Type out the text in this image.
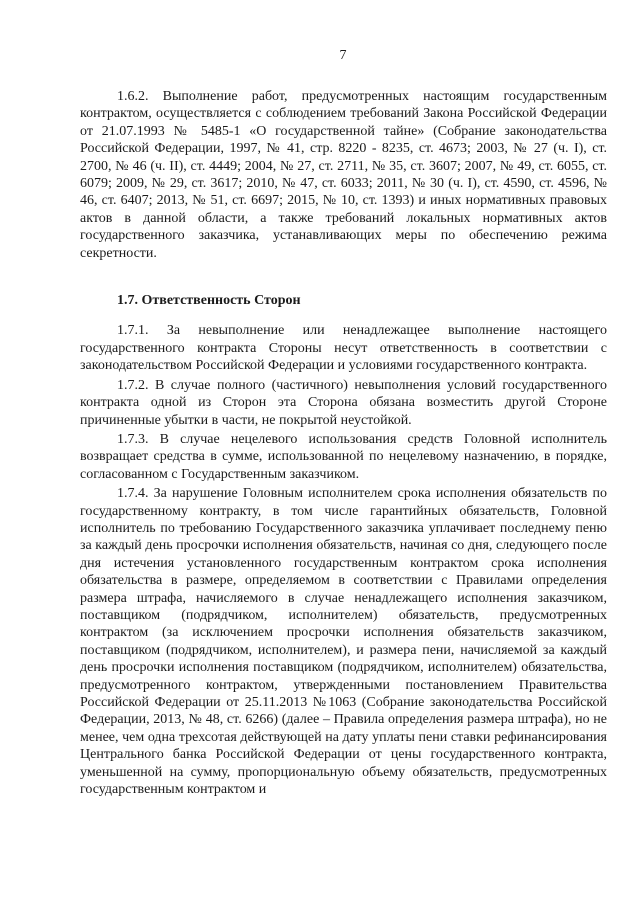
7

1.6.2. Выполнение работ, предусмотренных настоящим государственным контрактом, осуществляется с соблюдением требований Закона Российской Федерации от 21.07.1993 № 5485-1 «О государственной тайне» (Собрание законодательства Российской Федерации, 1997, № 41, стр. 8220 - 8235, ст. 4673; 2003, № 27 (ч. I), ст. 2700, № 46 (ч. II), ст. 4449; 2004, № 27, ст. 2711, № 35, ст. 3607; 2007, № 49, ст. 6055, ст. 6079; 2009, № 29, ст. 3617; 2010, № 47, ст. 6033; 2011, № 30 (ч. I), ст. 4590, ст. 4596, № 46, ст. 6407; 2013, № 51, ст. 6697; 2015, № 10, ст. 1393) и иных нормативных правовых актов в данной области, а также требований локальных нормативных актов государственного заказчика, устанавливающих меры по обеспечению режима секретности.

1.7. Ответственность Сторон

1.7.1. За невыполнение или ненадлежащее выполнение настоящего государственного контракта Стороны несут ответственность в соответствии с законодательством Российской Федерации и условиями государственного контракта.

1.7.2. В случае полного (частичного) невыполнения условий государственного контракта одной из Сторон эта Сторона обязана возместить другой Стороне причиненные убытки в части, не покрытой неустойкой.

1.7.3. В случае нецелевого использования средств Головной исполнитель возвращает средства в сумме, использованной по нецелевому назначению, в порядке, согласованном с Государственным заказчиком.

1.7.4. За нарушение Головным исполнителем срока исполнения обязательств по государственному контракту, в том числе гарантийных обязательств, Головной исполнитель по требованию Государственного заказчика уплачивает последнему пеню за каждый день просрочки исполнения обязательств, начиная со дня, следующего после дня истечения установленного государственным контрактом срока исполнения обязательства в размере, определяемом в соответствии с Правилами определения размера штрафа, начисляемого в случае ненадлежащего исполнения заказчиком, поставщиком (подрядчиком, исполнителем) обязательств, предусмотренных контрактом (за исключением просрочки исполнения обязательств заказчиком, поставщиком (подрядчиком, исполнителем), и размера пени, начисляемой за каждый день просрочки исполнения поставщиком (подрядчиком, исполнителем) обязательства, предусмотренного контрактом, утвержденными постановлением Правительства Российской Федерации от 25.11.2013 №1063 (Собрание законодательства Российской Федерации, 2013, № 48, ст. 6266) (далее – Правила определения размера штрафа), но не менее, чем одна трехсотая действующей на дату уплаты пени ставки рефинансирования Центрального банка Российской Федерации от цены государственного контракта, уменьшенной на сумму, пропорциональную объему обязательств, предусмотренных государственным контрактом и
